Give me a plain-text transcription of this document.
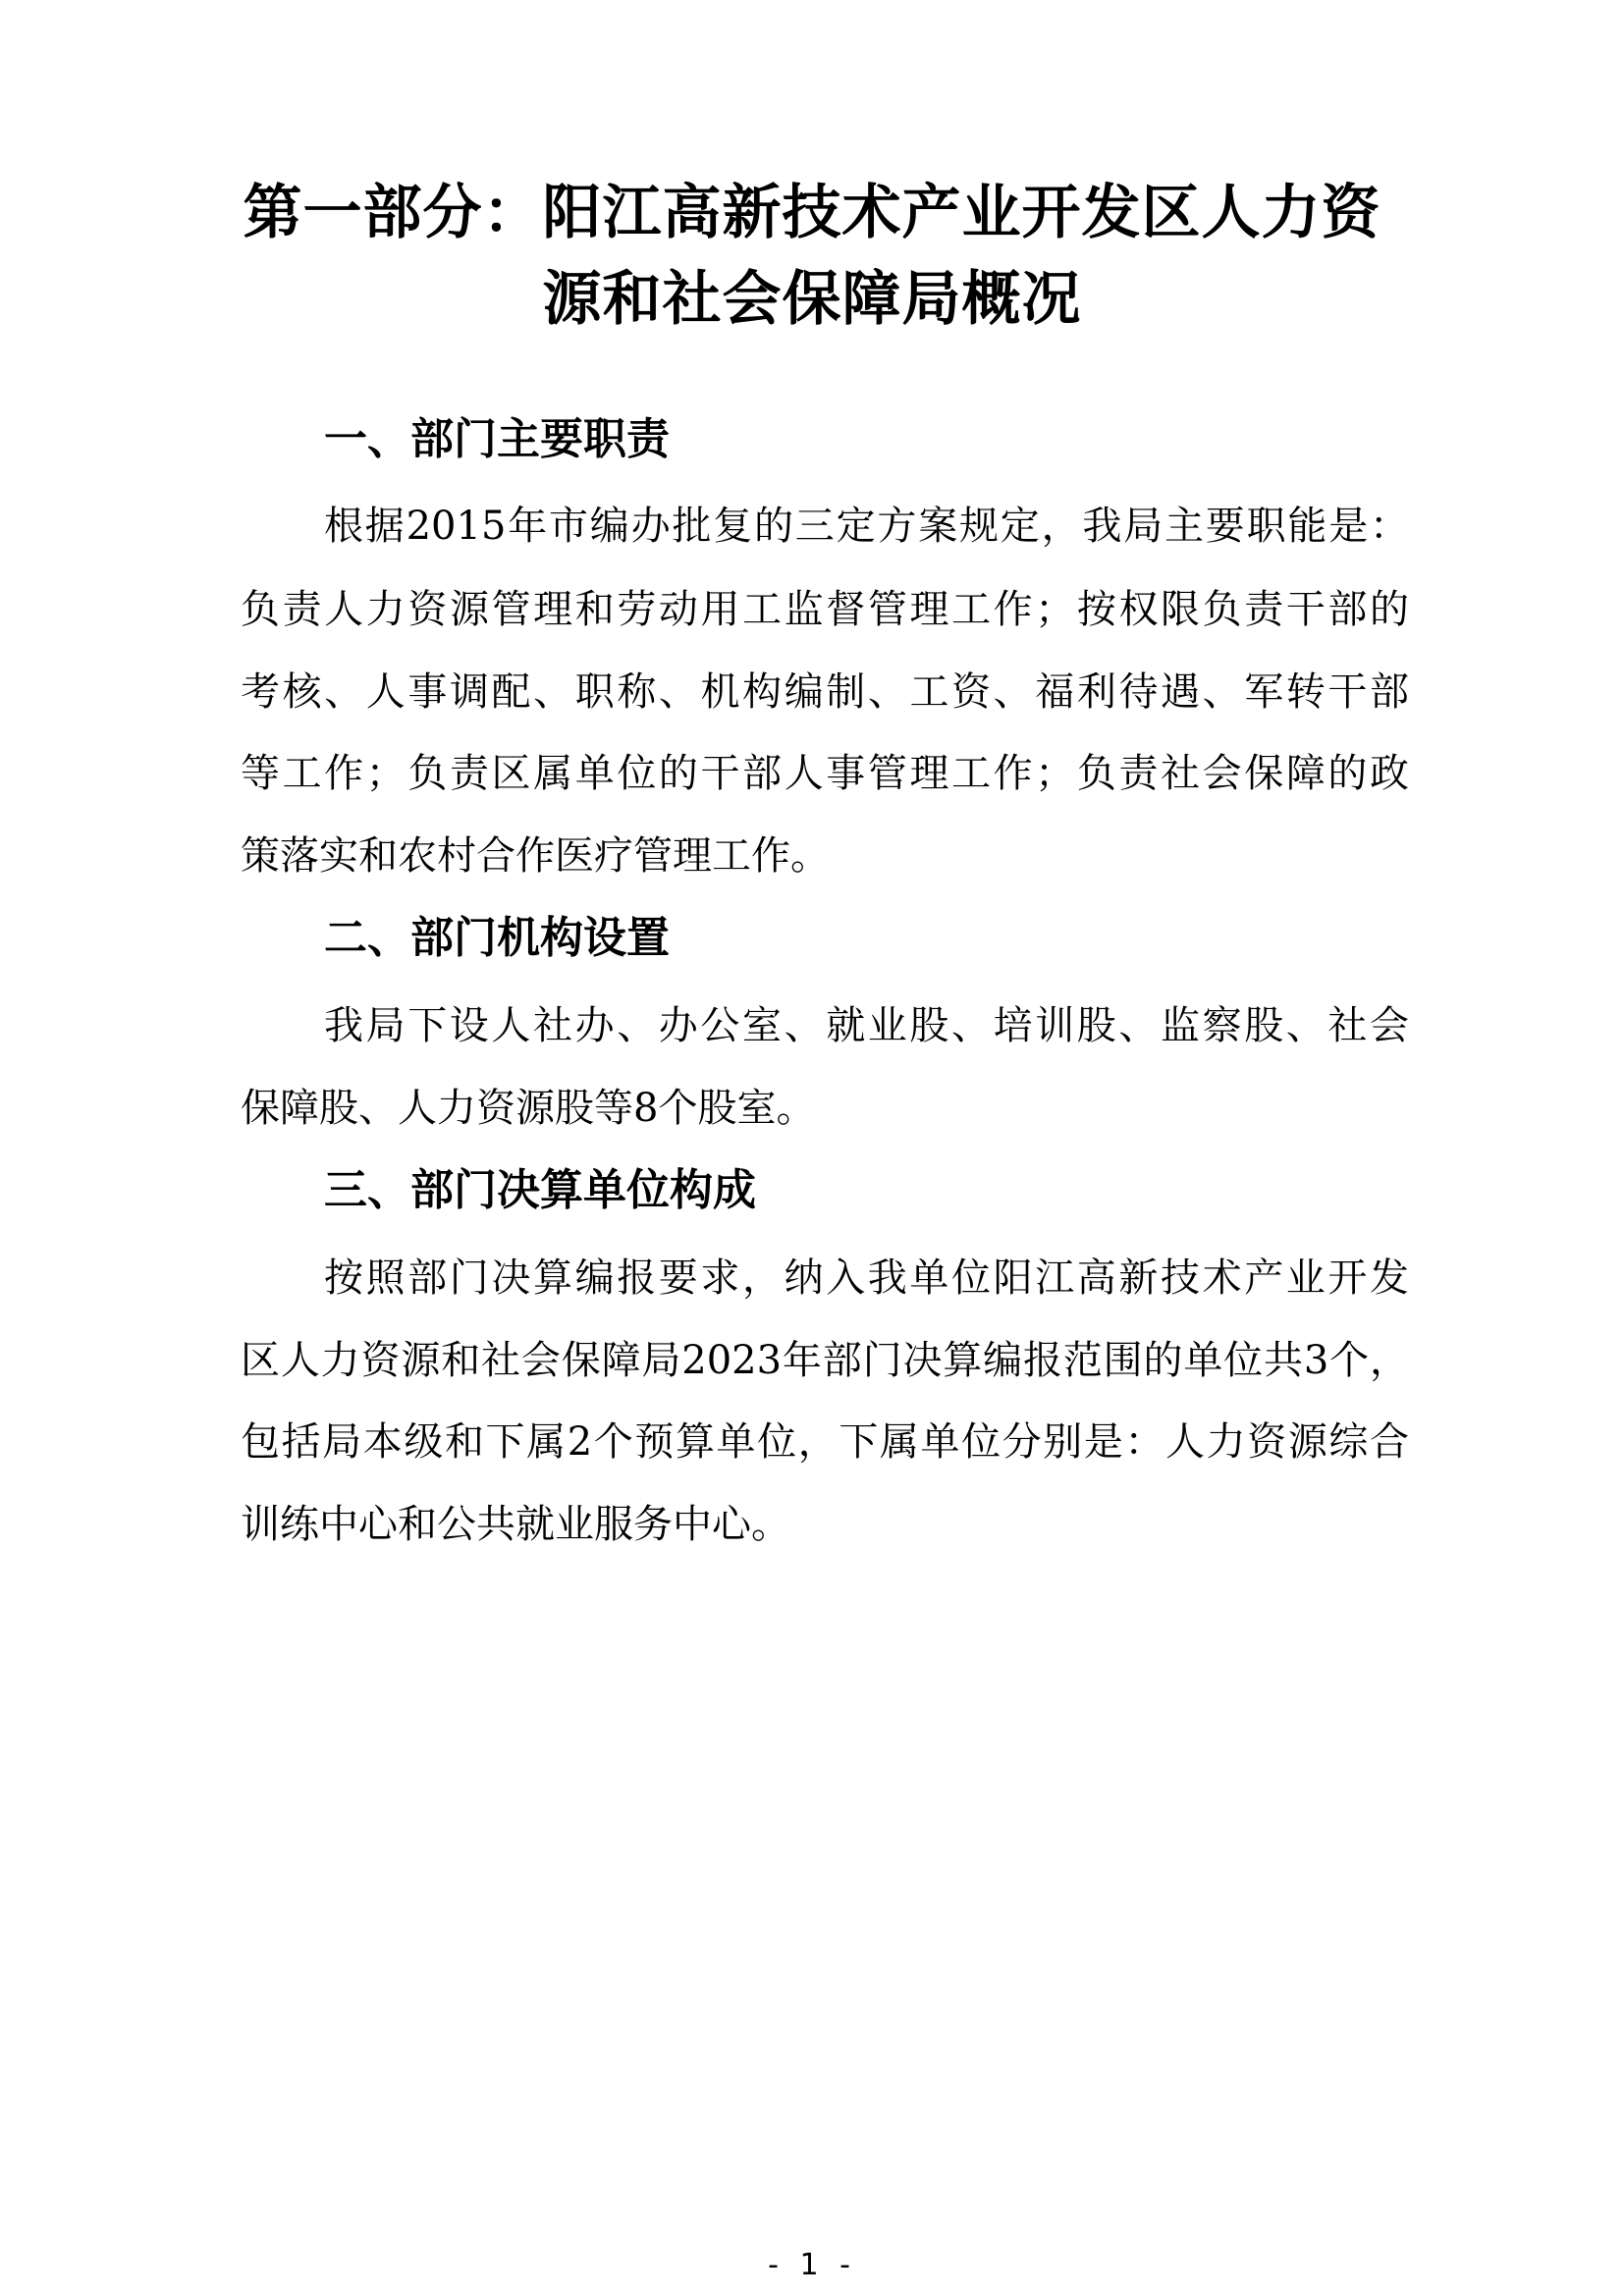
第一部分：阳江高新技术产业开发区人力资
源和社会保障局概况
一、部门主要职责

根据2015年市编办批复的三定方案规定，我局主要职能是：

负责人力资源管理和劳动用工监督管理工作；按权限负责干部的

考核、人事调配、职称、机构编制、工资、福利待遇、军转干部

等工作；负责区属单位的干部人事管理工作；负责社会保障的政

策落实和农村合作医疗管理工作。

二、部门机构设置

我局下设人社办、办公室、就业股、培训股、监察股、社会

保障股、人力资源股等8个股室。

三、部门决算单位构成

按照部门决算编报要求，纳入我单位阳江高新技术产业开发

区人力资源和社会保障局2023年部门决算编报范围的单位共3个，

包括局本级和下属2个预算单位，下属单位分别是：人力资源综合

训练中心和公共就业服务中心。

- 1 -
